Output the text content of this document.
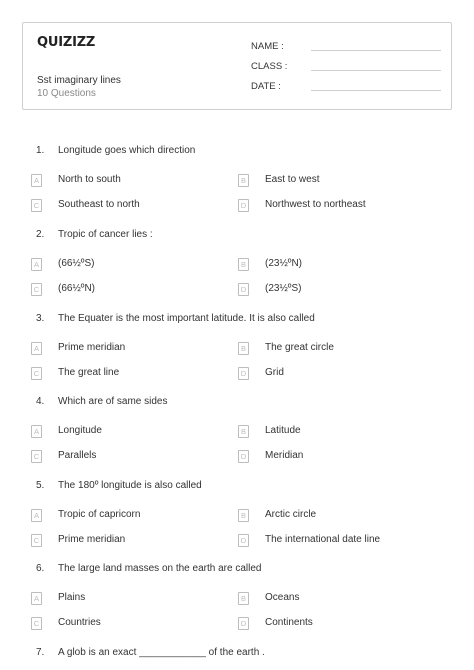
QUIZIZZ
Sst imaginary lines
10 Questions
NAME :
CLASS :
DATE :
1.	Longitude goes which direction
A	North to south	B	East to west
C Southeast to north	D Northwest to northeast
2.	Tropic of cancer lies :
A	(66½ºS)	B	(23½ºN)
C (66½ºN)	D (23½ºS)
3.	The Equater is the most important latitude. It is also called
A	Prime meridian	B	The great circle
C The great line	D Grid
4.	Which are of same sides
A	Longitude	B	Latitude
C Parallels	D Meridian
5.	The 180º longitude is also called
A	Tropic of capricorn	B	Arctic circle
C Prime meridian	D The international date line
6.	The large land masses on the earth are called
A	Plains	B	Oceans
C Countries	D Continents
7.	A glob is an exact ____________ of the earth .
